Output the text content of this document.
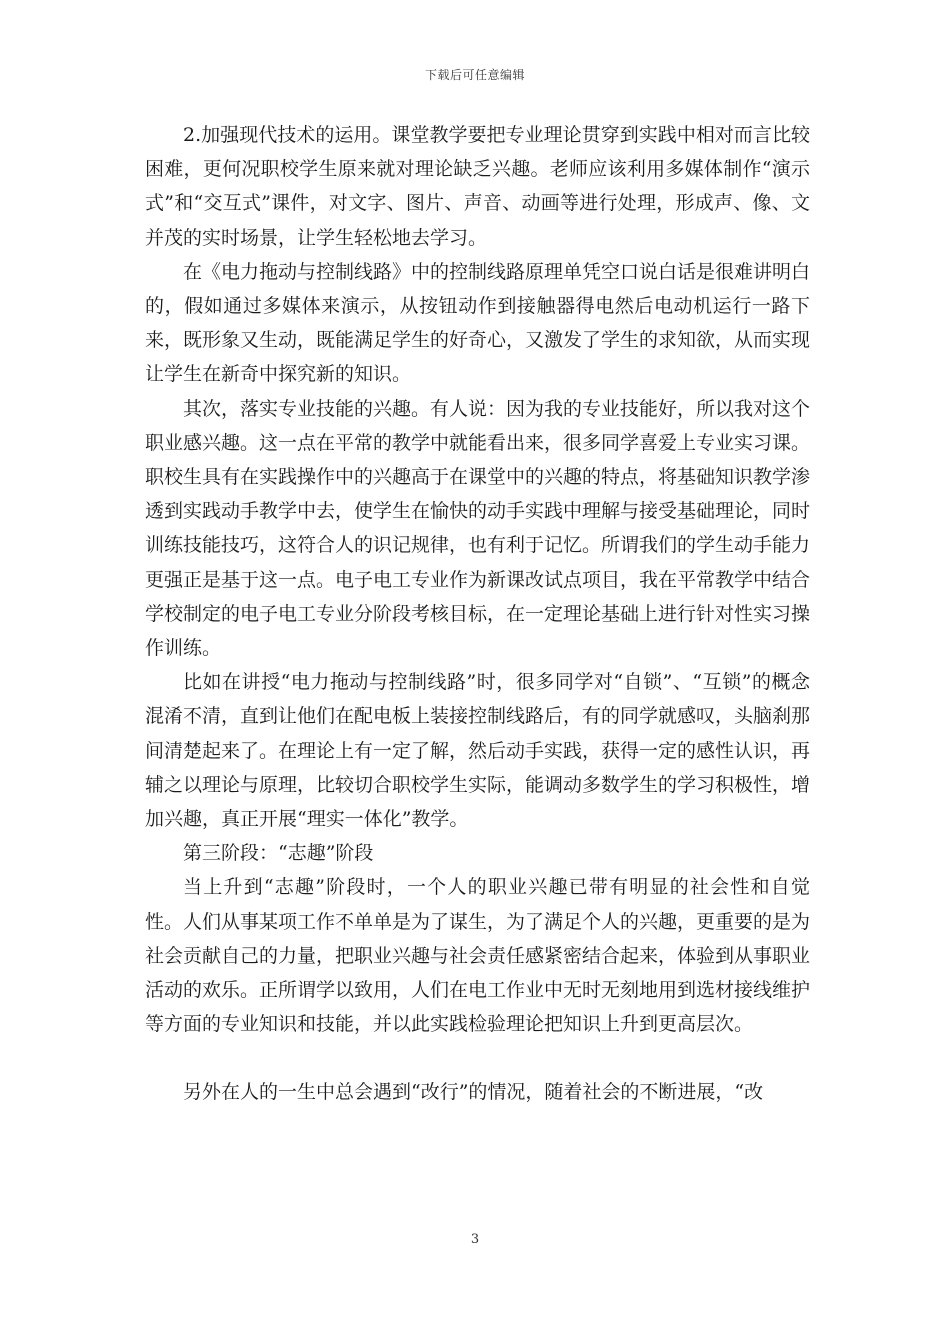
下载后可任意编辑

2.加强现代技术的运用。课堂教学要把专业理论贯穿到实践中相对而言比较困难，更何况职校学生原来就对理论缺乏兴趣。老师应该利用多媒体制作“演示式”和“交互式”课件，对文字、图片、声音、动画等进行处理，形成声、像、文并茂的实时场景，让学生轻松地去学习。

在《电力拖动与控制线路》中的控制线路原理单凭空口说白话是很难讲明白的，假如通过多媒体来演示，从按钮动作到接触器得电然后电动机运行一路下来，既形象又生动，既能满足学生的好奇心，又激发了学生的求知欲，从而实现让学生在新奇中探究新的知识。

其次，落实专业技能的兴趣。有人说：因为我的专业技能好，所以我对这个职业感兴趣。这一点在平常的教学中就能看出来，很多同学喜爱上专业实习课。职校生具有在实践操作中的兴趣高于在课堂中的兴趣的特点，将基础知识教学渗透到实践动手教学中去，使学生在愉快的动手实践中理解与接受基础理论，同时训练技能技巧，这符合人的识记规律，也有利于记忆。所谓我们的学生动手能力更强正是基于这一点。电子电工专业作为新课改试点项目，我在平常教学中结合学校制定的电子电工专业分阶段考核目标，在一定理论基础上进行针对性实习操作训练。

比如在讲授“电力拖动与控制线路”时，很多同学对“自锁”、“互锁”的概念混淆不清，直到让他们在配电板上装接控制线路后，有的同学就感叹，头脑刹那间清楚起来了。在理论上有一定了解，然后动手实践，获得一定的感性认识，再辅之以理论与原理，比较切合职校学生实际，能调动多数学生的学习积极性，增加兴趣，真正开展“理实一体化”教学。

第三阶段：“志趣”阶段

当上升到“志趣”阶段时，一个人的职业兴趣已带有明显的社会性和自觉性。人们从事某项工作不单单是为了谋生，为了满足个人的兴趣，更重要的是为社会贡献自己的力量，把职业兴趣与社会责任感紧密结合起来，体验到从事职业活动的欢乐。正所谓学以致用，人们在电工作业中无时无刻地用到选材接线维护等方面的专业知识和技能，并以此实践检验理论把知识上升到更高层次。

另外在人的一生中总会遇到“改行”的情况，随着社会的不断进展，“改

3
